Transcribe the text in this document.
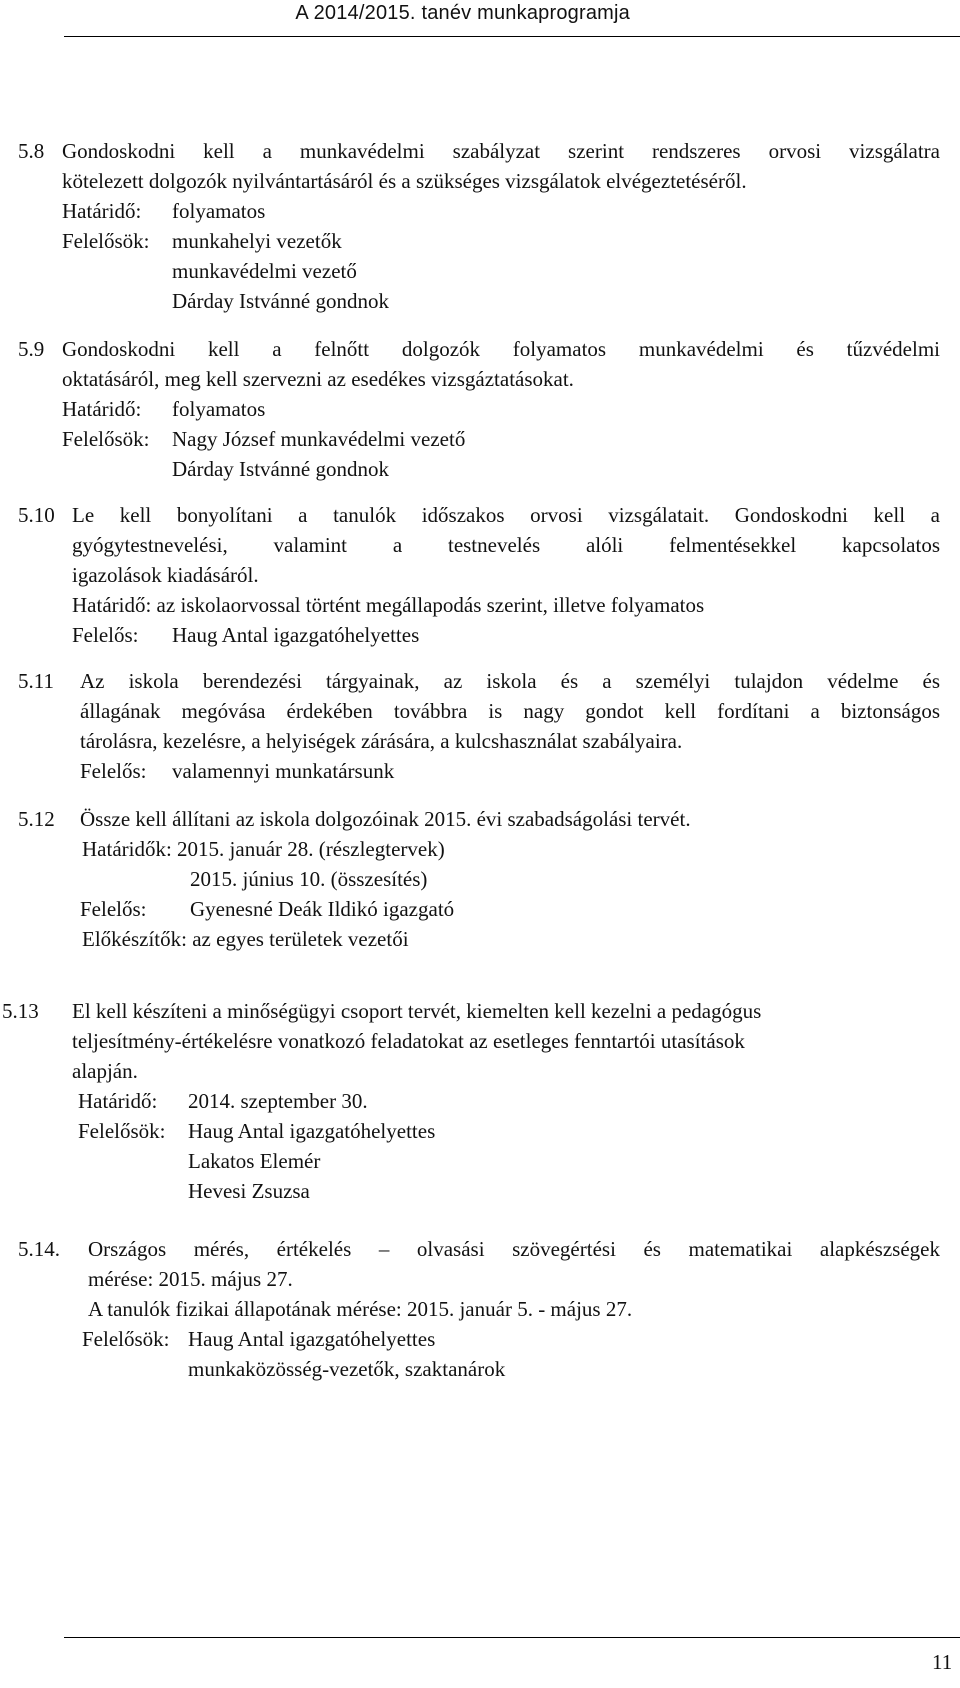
A 2014/2015. tanév munkaprogramja
5.8 Gondoskodni kell a munkavédelmi szabályzat szerint rendszeres orvosi vizsgálatra
kötelezett dolgozók nyilvántartásáról és a szükséges vizsgálatok elvégeztetéséről.
Határidő: folyamatos
Felelősök: munkahelyi vezetők
munkavédelmi vezető
Dárday Istvánné gondnok
5.9 Gondoskodni kell a felnőtt dolgozók folyamatos munkavédelmi és tűzvédelmi
oktatásáról, meg kell szervezni az esedékes vizsgáztatásokat.
Határidő: folyamatos
Felelősök: Nagy József munkavédelmi vezető
Dárday Istvánné gondnok
5.10 Le kell bonyolítani a tanulók időszakos orvosi vizsgálatait. Gondoskodni kell a
gyógytestnevelési, valamint a testnevelés alóli felmentésekkel kapcsolatos
igazolások kiadásáról.
Határidő: az iskolaorvossal történt megállapodás szerint, illetve folyamatos
Felelős: Haug Antal igazgatóhelyettes
5.11 Az iskola berendezési tárgyainak, az iskola és a személyi tulajdon védelme és
állagának megóvása érdekében továbbra is nagy gondot kell fordítani a biztonságos
tárolásra, kezelésre, a helyiségek zárására, a kulcshasználat szabályaira.
Felelős: valamennyi munkatársunk
5.12 Össze kell állítani az iskola dolgozóinak 2015. évi szabadságolási tervét.
Határidők: 2015. január 28. (részlegtervek)
2015. június 10. (összesítés)
Felelős: Gyenesné Deák Ildikó igazgató
Előkészítők: az egyes területek vezetői
5.13 El kell készíteni a minőségügyi csoport tervét, kiemelten kell kezelni a pedagógus
teljesítmény-értékelésre vonatkozó feladatokat az esetleges fenntartói utasítások
alapján.
Határidő: 2014. szeptember 30.
Felelősök: Haug Antal igazgatóhelyettes
Lakatos Elemér
Hevesi Zsuzsa
5.14. Országos mérés, értékelés – olvasási szövegértési és matematikai alapkészségek
mérése: 2015. május 27.
A tanulók fizikai állapotának mérése: 2015. január 5. - május 27.
Felelősök: Haug Antal igazgatóhelyettes
munkaközösség-vezetők, szaktanárok
11
